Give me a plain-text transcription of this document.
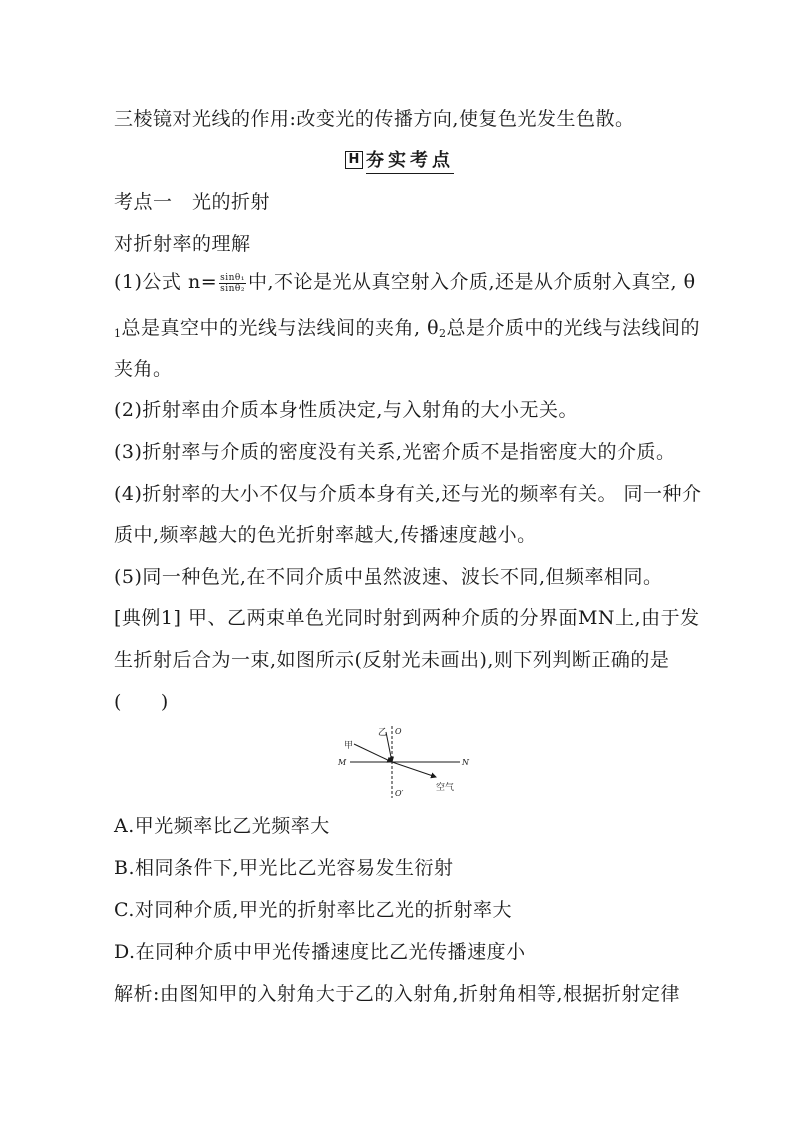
三棱镜对光线的作用:改变光的传播方向,使复色光发生色散。
H 夯实考点
考点一　光的折射
对折射率的理解
(1)公式 $n= \frac{\text{sinθ₁}}{\text{sinθ₂}}$ 中,不论是光从真空射入介质,还是从介质射入真空, θ
$_1$总是真空中的光线与法线间的夹角, $\theta_2$总是介质中的光线与法线间的
夹角。
(2)折射率由介质本身性质决定,与入射角的大小无关。
(3)折射率与介质的密度没有关系,光密介质不是指密度大的介质。
(4)折射率的大小不仅与介质本身有关,还与光的频率有关。 同一种介
质中,频率越大的色光折射率越大,传播速度越小。
(5)同一种色光,在不同介质中虽然波速、波长不同,但频率相同。
[典例1] 甲、乙两束单色光同时射到两种介质的分界面MN上,由于发
生折射后合为一束,如图所示(反射光未画出),则下列判断正确的是
(　　)
乙 O
甲
M	N
O′
空气
A.甲光频率比乙光频率大
B.相同条件下,甲光比乙光容易发生衍射
C.对同种介质,甲光的折射率比乙光的折射率大
D.在同种介质中甲光传播速度比乙光传播速度小
解析:由图知甲的入射角大于乙的入射角,折射角相等,根据折射定律
